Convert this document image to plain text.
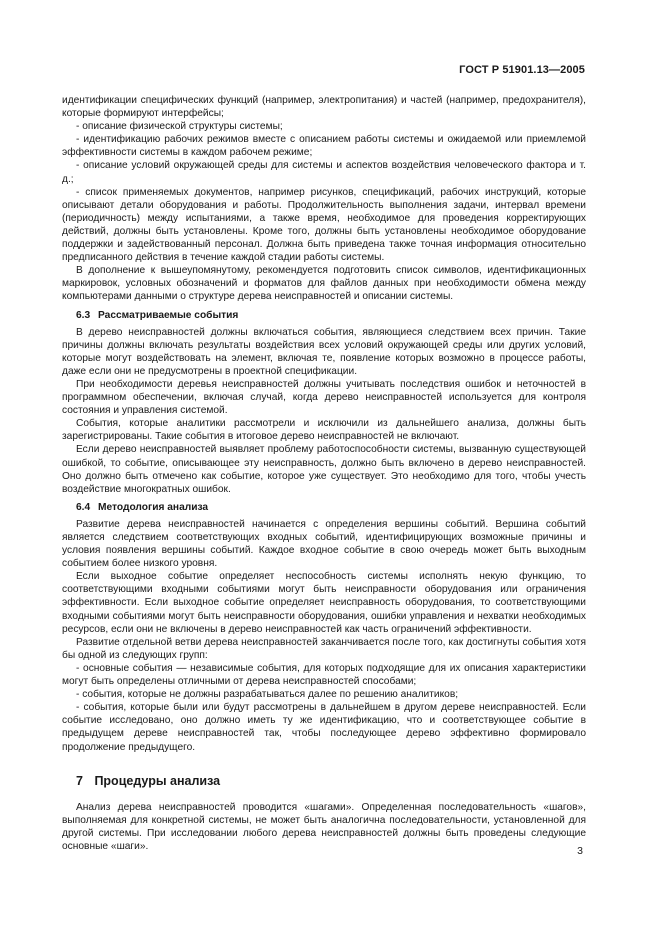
ГОСТ Р 51901.13—2005

идентификации специфических функций (например, электропитания) и частей (например, предохранителя), которые формируют интерфейсы;

- описание физической структуры системы;

- идентификацию рабочих режимов вместе с описанием работы системы и ожидаемой или приемлемой эффективности системы в каждом рабочем режиме;

- описание условий окружающей среды для системы и аспектов воздействия человеческого фактора и т. д.;

- список применяемых документов, например рисунков, спецификаций, рабочих инструкций, которые описывают детали оборудования и работы. Продолжительность выполнения задачи, интервал времени (периодичность) между испытаниями, а также время, необходимое для проведения корректирующих действий, должны быть установлены. Кроме того, должны быть установлены необходимое оборудование поддержки и задействованный персонал. Должна быть приведена также точная информация относительно предписанного действия в течение каждой стадии работы системы.

В дополнение к вышеупомянутому, рекомендуется подготовить список символов, идентификационных маркировок, условных обозначений и форматов для файлов данных при необходимости обмена между компьютерами данными о структуре дерева неисправностей и описании системы.

6.3 Рассматриваемые события

В дерево неисправностей должны включаться события, являющиеся следствием всех причин. Такие причины должны включать результаты воздействия всех условий окружающей среды или других условий, которые могут воздействовать на элемент, включая те, появление которых возможно в процессе работы, даже если они не предусмотрены в проектной спецификации.

При необходимости деревья неисправностей должны учитывать последствия ошибок и неточностей в программном обеспечении, включая случай, когда дерево неисправностей используется для контроля состояния и управления системой.

События, которые аналитики рассмотрели и исключили из дальнейшего анализа, должны быть зарегистрированы. Такие события в итоговое дерево неисправностей не включают.

Если дерево неисправностей выявляет проблему работоспособности системы, вызванную существующей ошибкой, то событие, описывающее эту неисправность, должно быть включено в дерево неисправностей. Оно должно быть отмечено как событие, которое уже существует. Это необходимо для того, чтобы учесть воздействие многократных ошибок.

6.4 Методология анализа

Развитие дерева неисправностей начинается с определения вершины событий. Вершина событий является следствием соответствующих входных событий, идентифицирующих возможные причины и условия появления вершины событий. Каждое входное событие в свою очередь может быть выходным событием более низкого уровня.

Если выходное событие определяет неспособность системы исполнять некую функцию, то соответствующими входными событиями могут быть неисправности оборудования или ограничения эффективности. Если выходное событие определяет неисправность оборудования, то соответствующими входными событиями могут быть неисправности оборудования, ошибки управления и нехватки необходимых ресурсов, если они не включены в дерево неисправностей как часть ограничений эффективности.

Развитие отдельной ветви дерева неисправностей заканчивается после того, как достигнуты события хотя бы одной из следующих групп:

- основные события — независимые события, для которых подходящие для их описания характеристики могут быть определены отличными от дерева неисправностей способами;

- события, которые не должны разрабатываться далее по решению аналитиков;

- события, которые были или будут рассмотрены в дальнейшем в другом дереве неисправностей. Если событие исследовано, оно должно иметь ту же идентификацию, что и соответствующее событие в предыдущем дереве неисправностей так, чтобы последующее дерево эффективно формировало продолжение предыдущего.

7 Процедуры анализа

Анализ дерева неисправностей проводится «шагами». Определенная последовательность «шагов», выполняемая для конкретной системы, не может быть аналогична последовательности, установленной для другой системы. При исследовании любого дерева неисправностей должны быть проведены следующие основные «шаги».	3
